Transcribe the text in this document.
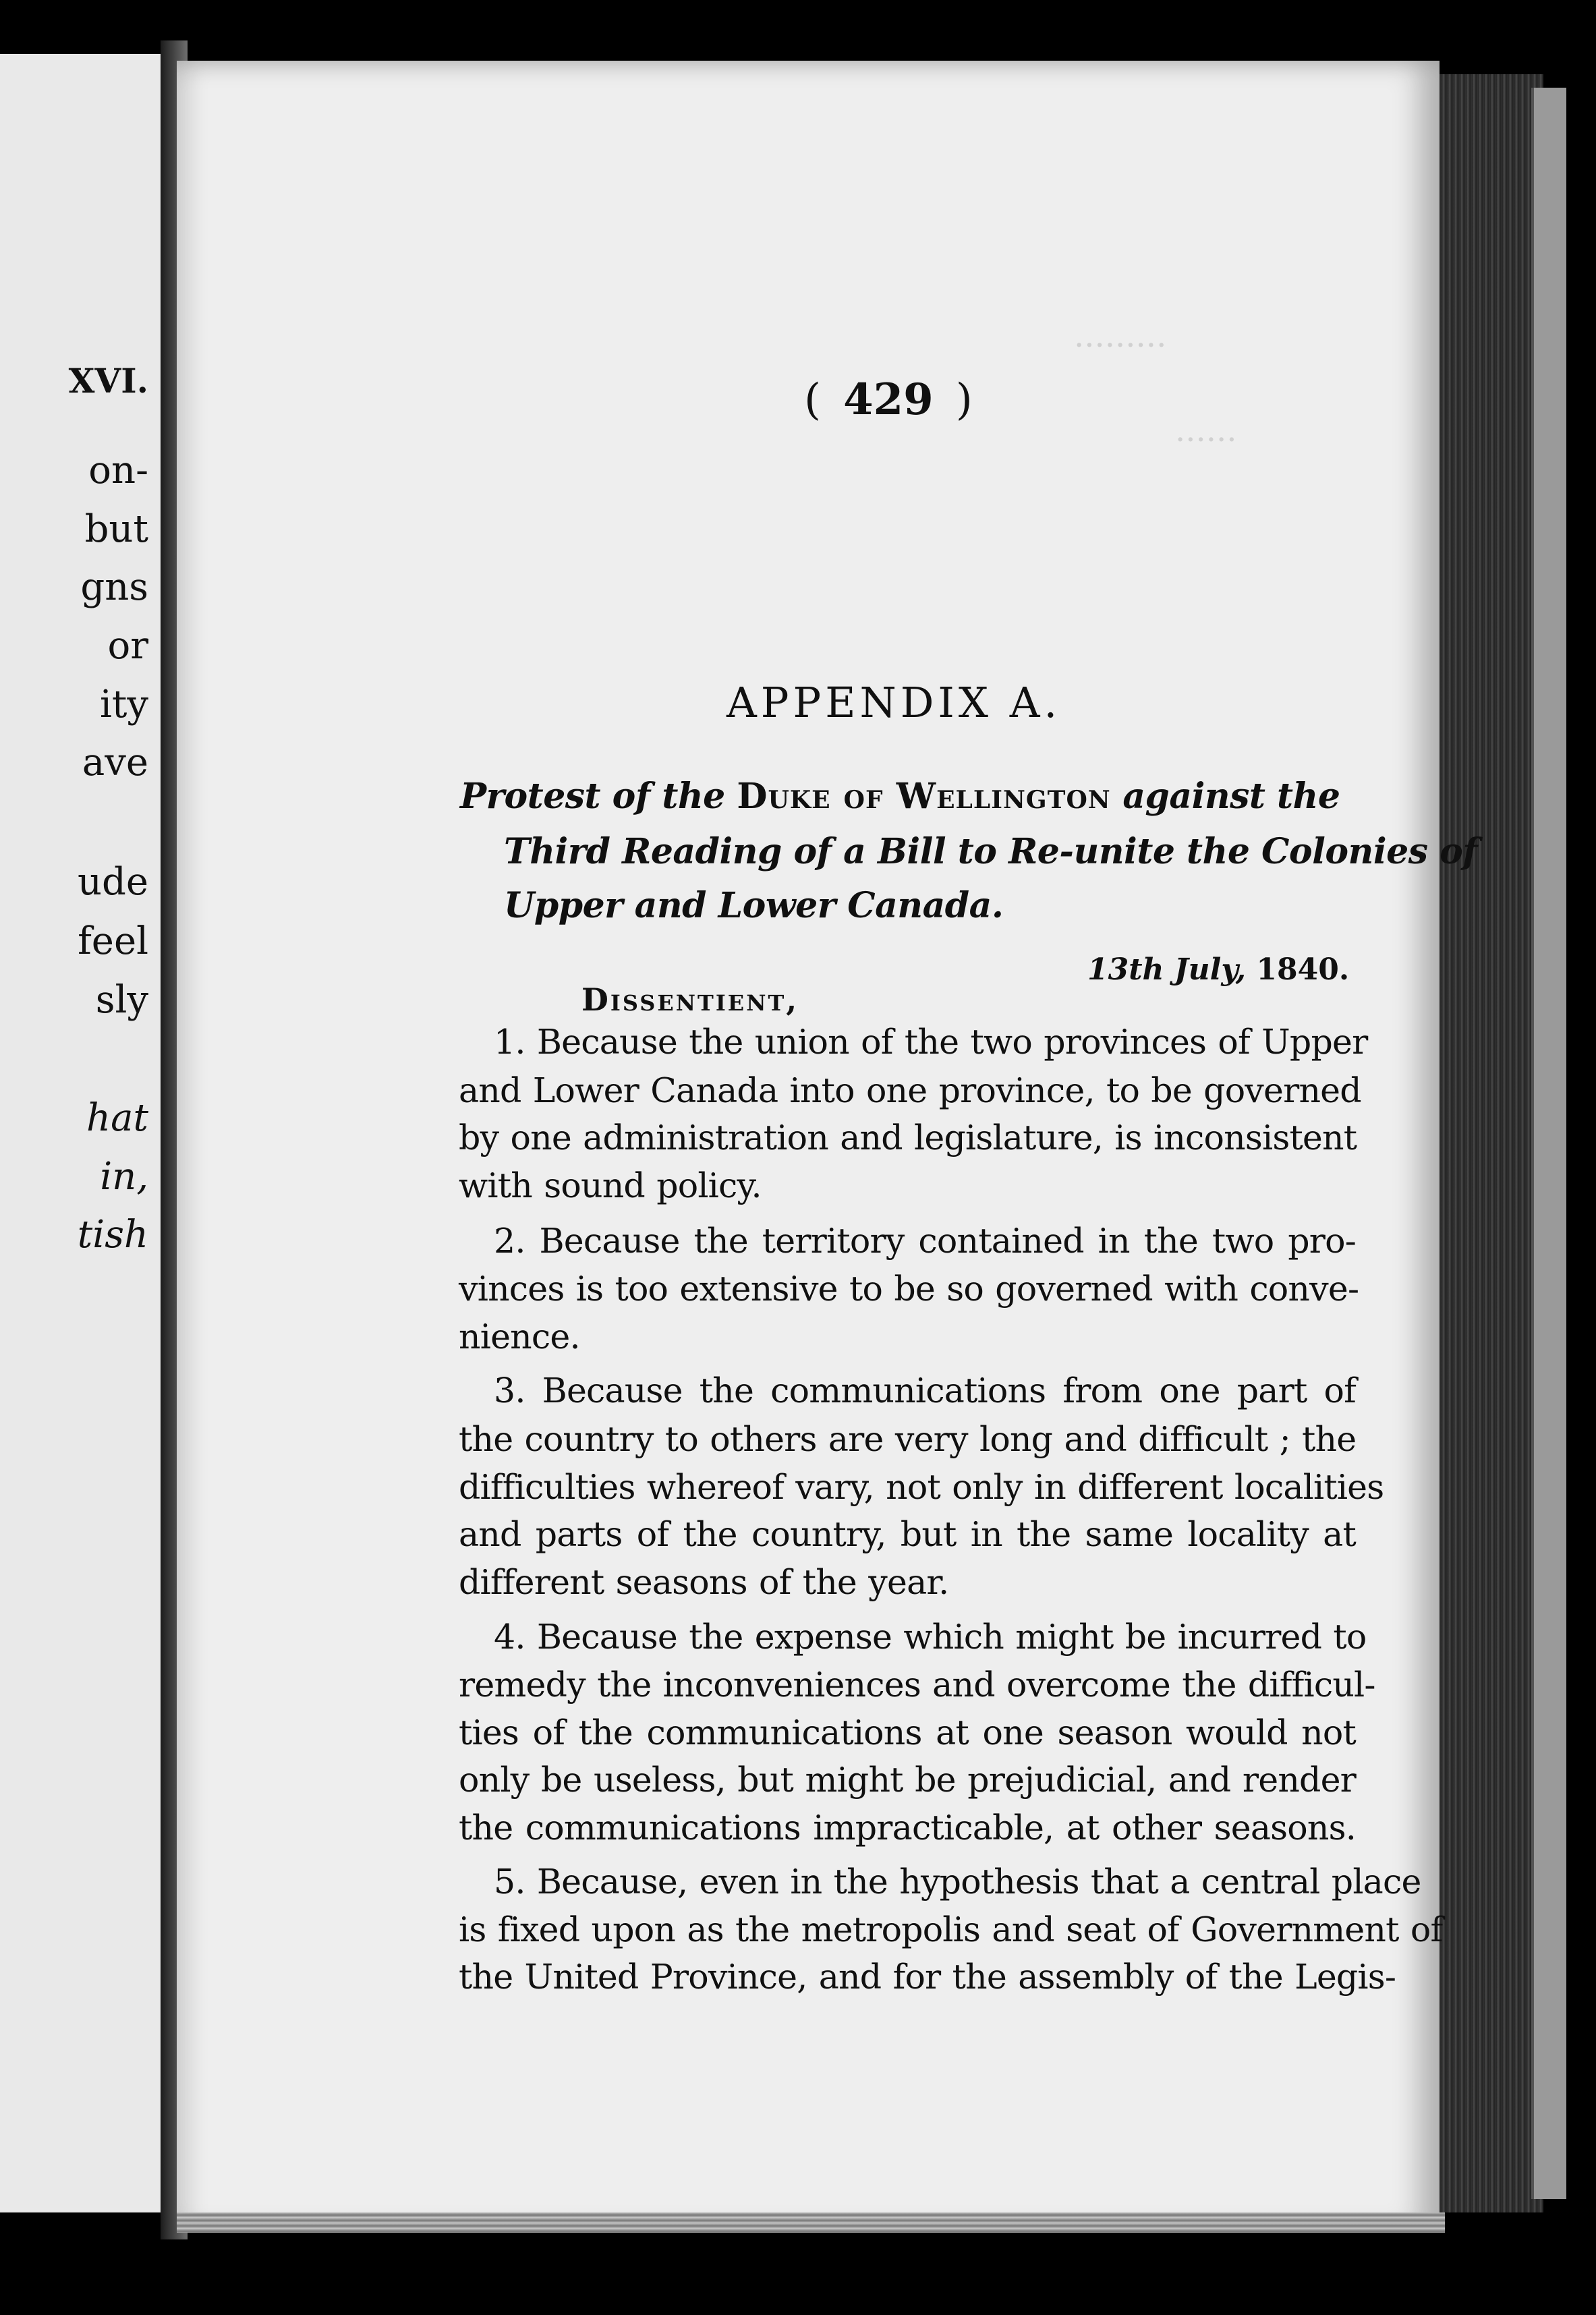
XVI.
on-
but
gns
or
ity
ave
ude
feel
sly
hat
in,
tish
.........
......
(   429  )
APPENDIX A.
Protest of the Duke of Wellington against the
Third Reading of a Bill to Re-unite the Colonies of
Upper and Lower Canada.
13th July, 1840.
Dissentient,
1. Because the union of the two provinces of Upper
and Lower Canada into one province, to be governed
by one administration and legislature, is inconsistent
with sound policy.
2. Because the territory contained in the two pro-
vinces is too extensive to be so governed with conve-
nience.
3. Because the communications from one part of
the country to others are very long and difficult ; the
difficulties whereof vary, not only in different localities
and parts of the country, but in the same locality at
different seasons of the year.
4. Because the expense which might be incurred to
remedy the inconveniences and overcome the difficul-
ties of the communications at one season would not
only be useless, but might be prejudicial, and render
the communications impracticable, at other seasons.
5. Because, even in the hypothesis that a central place
is fixed upon as the metropolis and seat of Government of
the United Province, and for the assembly of the Legis-
